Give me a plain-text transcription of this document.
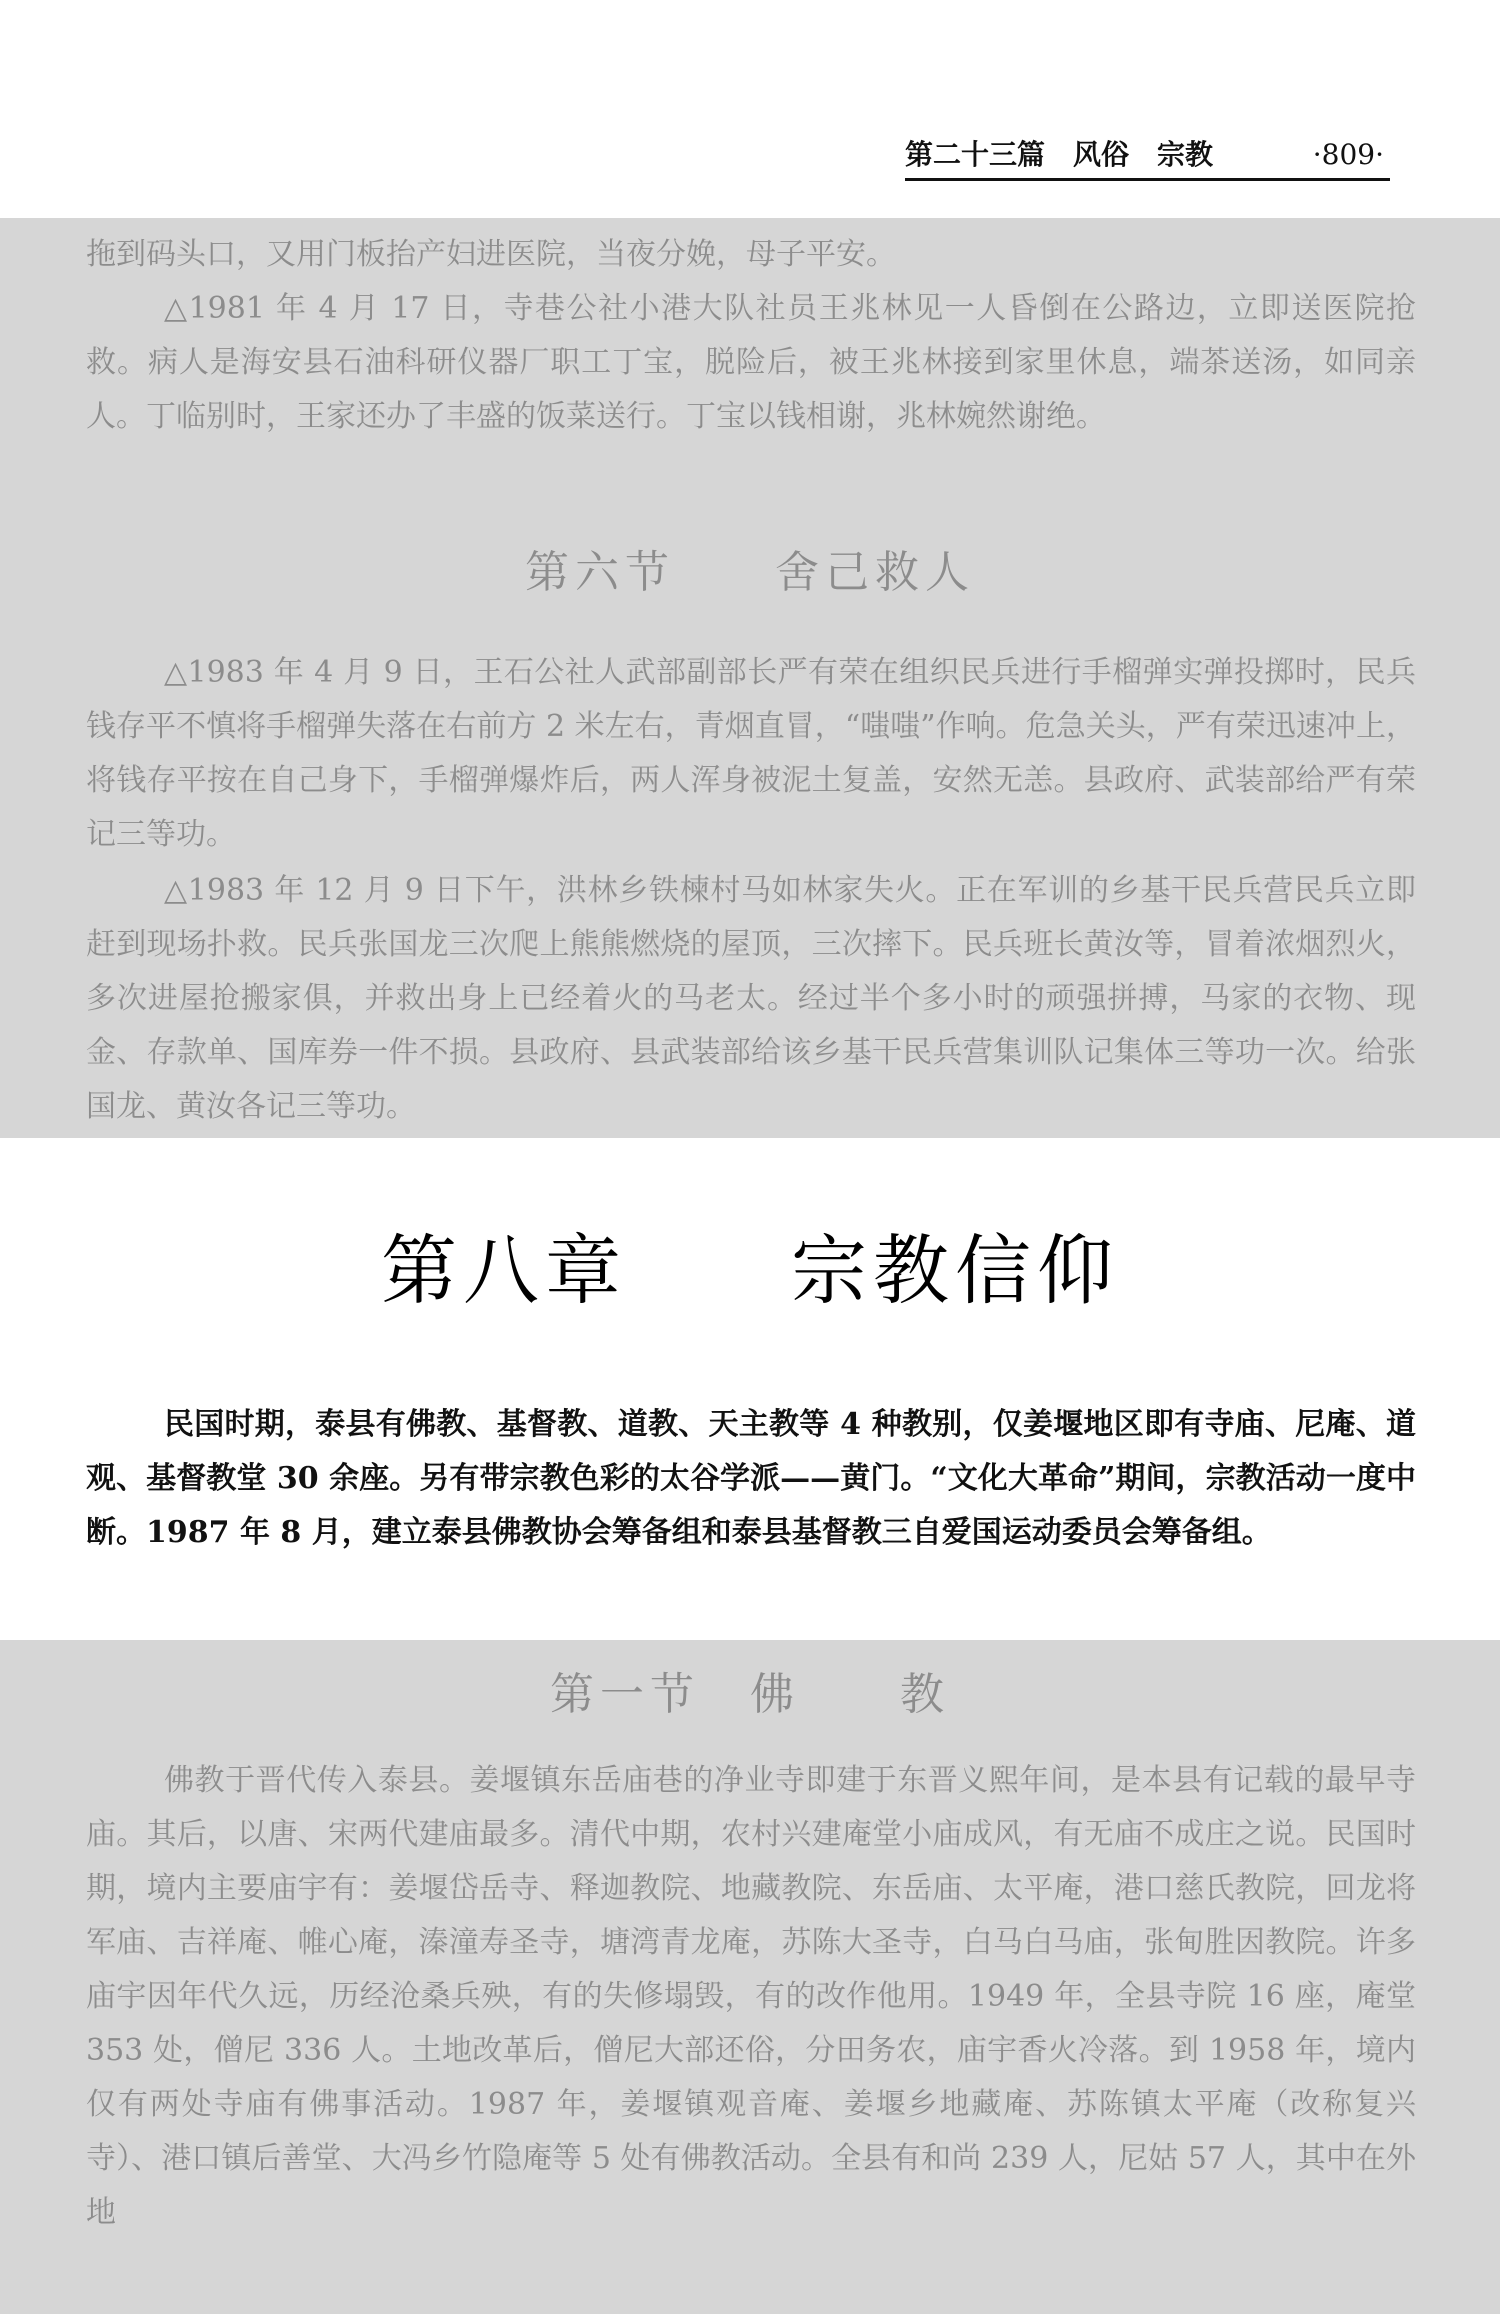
第二十三篇　风俗　宗教	·809·
拖到码头口，又用门板抬产妇进医院，当夜分娩，母子平安。
△1981 年 4 月 17 日，寺巷公社小港大队社员王兆林见一人昏倒在公路边，立即送医院抢救。病人是海安县石油科研仪器厂职工丁宝，脱险后，被王兆林接到家里休息，端茶送汤，如同亲人。丁临别时，王家还办了丰盛的饭菜送行。丁宝以钱相谢，兆林婉然谢绝。
第六节　　舍己救人
△1983 年 4 月 9 日，王石公社人武部副部长严有荣在组织民兵进行手榴弹实弹投掷时，民兵钱存平不慎将手榴弹失落在右前方 2 米左右，青烟直冒，“嗤嗤”作响。危急关头，严有荣迅速冲上，将钱存平按在自己身下，手榴弹爆炸后，两人浑身被泥土复盖，安然无恙。县政府、武装部给严有荣记三等功。
△1983 年 12 月 9 日下午，洪林乡铁楝村马如林家失火。正在军训的乡基干民兵营民兵立即赶到现场扑救。民兵张国龙三次爬上熊熊燃烧的屋顶，三次摔下。民兵班长黄汝等，冒着浓烟烈火，多次进屋抢搬家俱，并救出身上已经着火的马老太。经过半个多小时的顽强拼搏，马家的衣物、现金、存款单、国库券一件不损。县政府、县武装部给该乡基干民兵营集训队记集体三等功一次。给张国龙、黄汝各记三等功。
第八章　　宗教信仰
民国时期，泰县有佛教、基督教、道教、天主教等 4 种教别，仅姜堰地区即有寺庙、尼庵、道观、基督教堂 30 余座。另有带宗教色彩的太谷学派——黄门。“文化大革命”期间，宗教活动一度中断。1987 年 8 月，建立泰县佛教协会筹备组和泰县基督教三自爱国运动委员会筹备组。
第一节　佛　　教
佛教于晋代传入泰县。姜堰镇东岳庙巷的净业寺即建于东晋义熙年间，是本县有记载的最早寺庙。其后，以唐、宋两代建庙最多。清代中期，农村兴建庵堂小庙成风，有无庙不成庄之说。民国时期，境内主要庙宇有：姜堰岱岳寺、释迦教院、地藏教院、东岳庙、太平庵，港口慈氏教院，回龙将军庙、吉祥庵、帷心庵，溱潼寿圣寺，塘湾青龙庵，苏陈大圣寺，白马白马庙，张甸胜因教院。许多庙宇因年代久远，历经沧桑兵殃，有的失修塌毁，有的改作他用。1949 年，全县寺院 16 座，庵堂 353 处，僧尼 336 人。土地改革后，僧尼大部还俗，分田务农，庙宇香火冷落。到 1958 年，境内仅有两处寺庙有佛事活动。1987 年，姜堰镇观音庵、姜堰乡地藏庵、苏陈镇太平庵（改称复兴寺）、港口镇后善堂、大冯乡竹隐庵等 5 处有佛教活动。全县有和尚 239 人，尼姑 57 人，其中在外地
